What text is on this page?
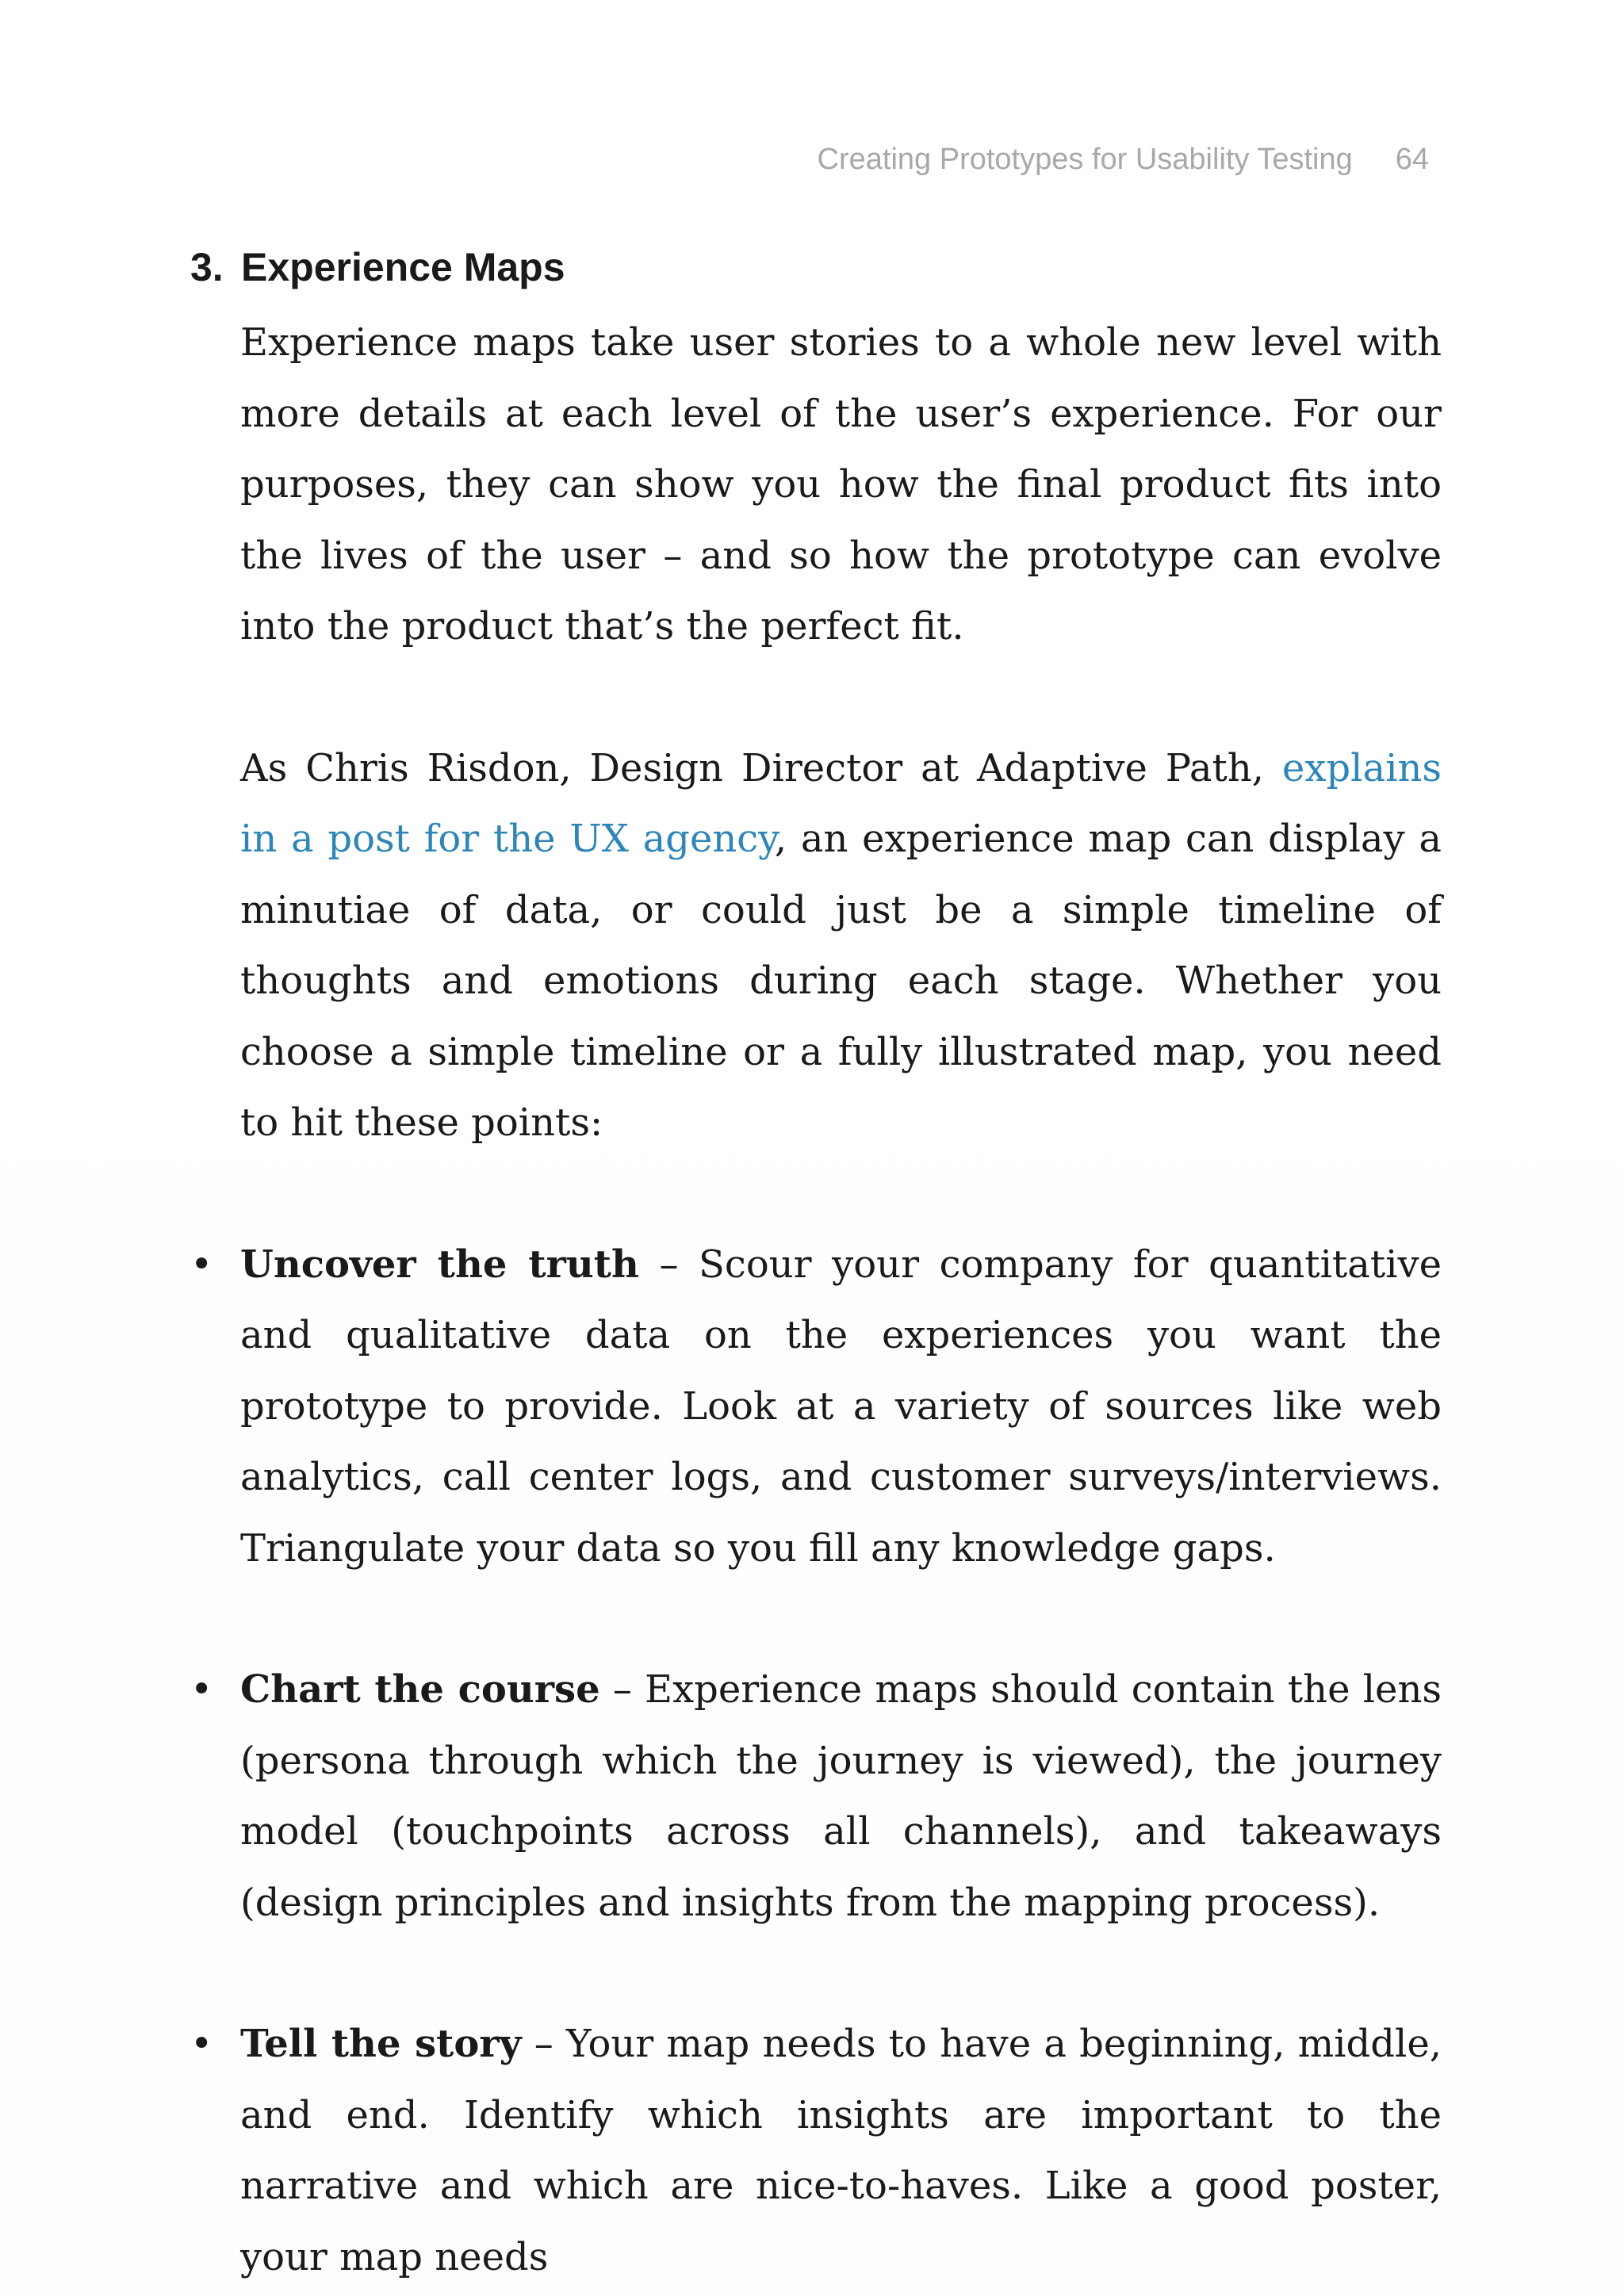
Creating Prototypes for Usability Testing 64
3. Experience Maps

Experience maps take user stories to a whole new level with more details at each level of the user’s experience. For our purposes, they can show you how the final product fits into the lives of the user – and so how the prototype can evolve into the product that’s the perfect fit.

As Chris Risdon, Design Director at Adaptive Path, explains in a post for the UX agency, an experience map can display a minutiae of data, or could just be a simple timeline of thoughts and emotions during each stage. Whether you choose a simple timeline or a fully illustrated map, you need to hit these points:

• Uncover the truth – Scour your company for quantitative and qualitative data on the experiences you want the prototype to provide. Look at a variety of sources like web analytics, call center logs, and customer surveys/interviews. Triangulate your data so you fill any knowledge gaps.
• Chart the course – Experience maps should contain the lens (persona through which the journey is viewed), the journey model (touchpoints across all channels), and takeaways (design principles and insights from the mapping process).
• Tell the story – Your map needs to have a beginning, middle, and end. Identify which insights are important to the narrative and which are nice-to-haves. Like a good poster, your map needs
